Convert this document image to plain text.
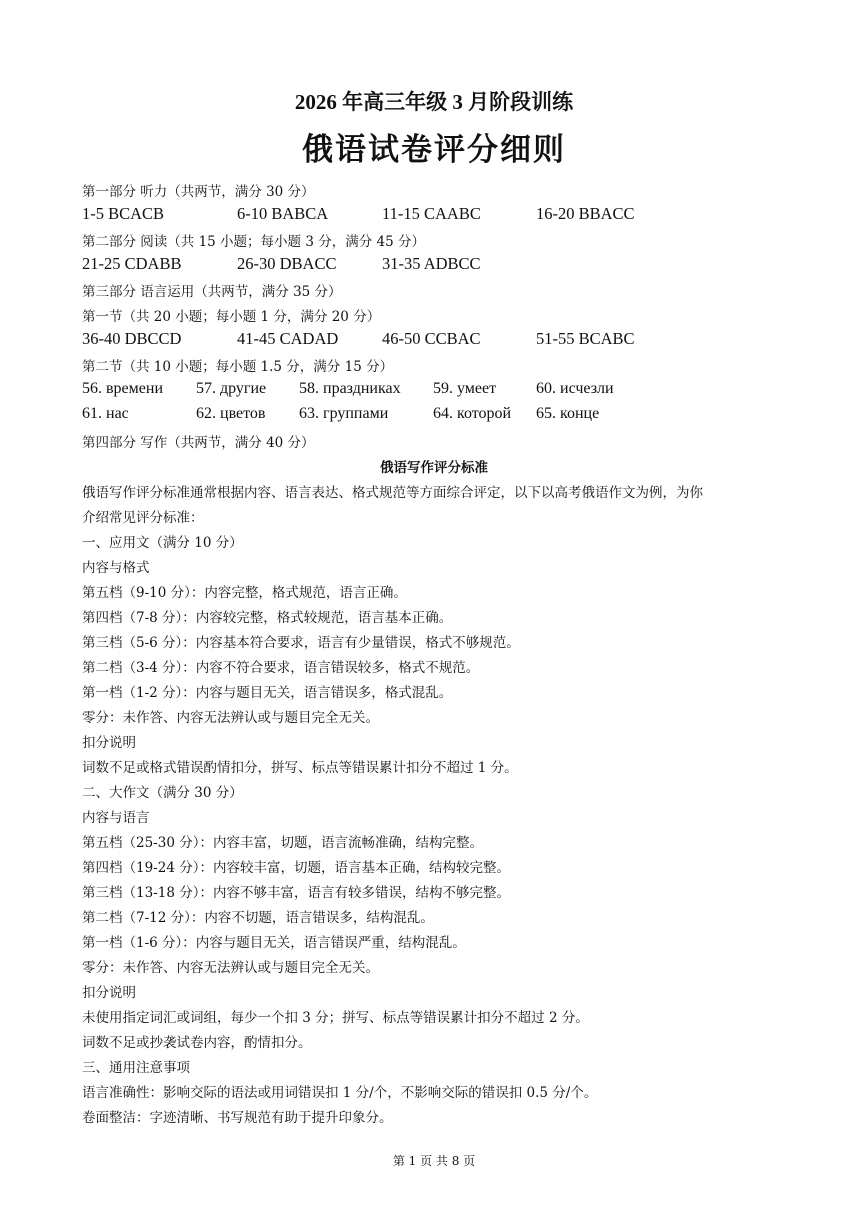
2026 年高三年级 3 月阶段训练
俄语试卷评分细则
第一部分 听力（共两节，满分 30 分）
1-5 BCACB	6-10 BABCA	11-15 CAABC	16-20 BBACC
第二部分 阅读（共 15 小题；每小题 3 分，满分 45 分）
21-25 CDABB	26-30 DBACC	31-35 ADBCC
第三部分 语言运用（共两节，满分 35 分）
第一节（共 20 小题；每小题 1 分，满分 20 分）
36-40 DBCCD	41-45 CADAD	46-50 CCBAC	51-55 BCABC
第二节（共 10 小题；每小题 1.5 分，满分 15 分）
56. времени 57. другие 58. праздниках 59. умеет 60. исчезли
61. нас	62. цветов 63. группами	64. которой 65. конце
第四部分 写作（共两节，满分 40 分）
俄语写作评分标准
俄语写作评分标准通常根据内容、语言表达、格式规范等方面综合评定，以下以高考俄语作文为例，为你
介绍常见评分标准：
一、应用文（满分 10 分）
内容与格式
第五档（9-10 分）：内容完整，格式规范，语言正确。
第四档（7-8 分）：内容较完整，格式较规范，语言基本正确。
第三档（5-6 分）：内容基本符合要求，语言有少量错误，格式不够规范。
第二档（3-4 分）：内容不符合要求，语言错误较多，格式不规范。
第一档（1-2 分）：内容与题目无关，语言错误多，格式混乱。
零分：未作答、内容无法辨认或与题目完全无关。
扣分说明
词数不足或格式错误酌情扣分，拼写、标点等错误累计扣分不超过 1 分。
二、大作文（满分 30 分）
内容与语言
第五档（25-30 分）：内容丰富，切题，语言流畅准确，结构完整。
第四档（19-24 分）：内容较丰富，切题，语言基本正确，结构较完整。
第三档（13-18 分）：内容不够丰富，语言有较多错误，结构不够完整。
第二档（7-12 分）：内容不切题，语言错误多，结构混乱。
第一档（1-6 分）：内容与题目无关，语言错误严重，结构混乱。
零分：未作答、内容无法辨认或与题目完全无关。
扣分说明
未使用指定词汇或词组，每少一个扣 3 分；拼写、标点等错误累计扣分不超过 2 分。
词数不足或抄袭试卷内容，酌情扣分。
三、通用注意事项
语言准确性：影响交际的语法或用词错误扣 1 分/个，不影响交际的错误扣 0.5 分/个。
卷面整洁：字迹清晰、书写规范有助于提升印象分。
第 1 页 共 8 页
